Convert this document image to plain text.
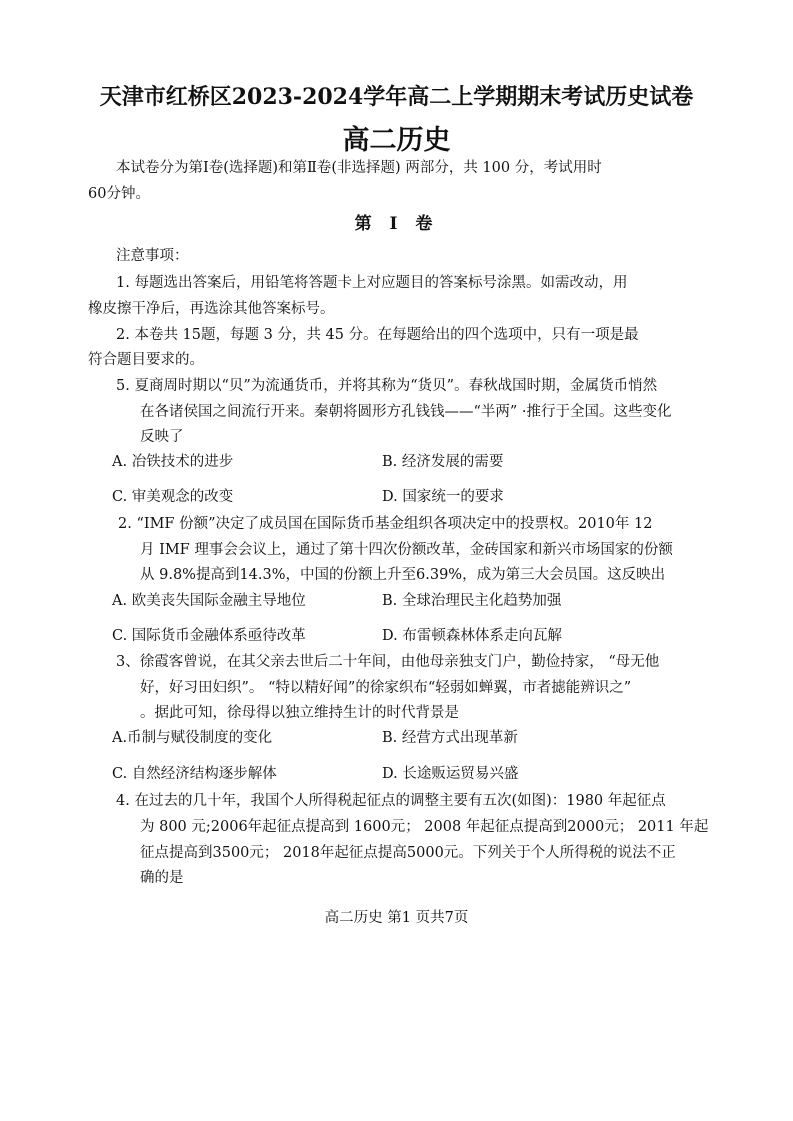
天津市红桥区2023-2024学年高二上学期期末考试历史试卷
高二历史
本试卷分为第Ⅰ卷(选择题)和第Ⅱ卷(非选择题) 两部分，共 100 分，考试用时
60分钟。
第 Ⅰ 卷
注意事项：
1. 每题选出答案后，用铅笔将答题卡上对应题目的答案标号涂黑。如需改动，用
橡皮擦干净后，再选涂其他答案标号。
2. 本卷共 15题，每题 3 分，共 45 分。在每题给出的四个选项中，只有一项是最
符合题目要求的。
5. 夏商周时期以“贝”为流通货币，并将其称为“货贝”。春秋战国时期，金属货币悄然
在各诸侯国之间流行开来。秦朝将圆形方孔钱钱——“半两” ·推行于全国。这些变化
反映了
A. 冶铁技术的进步	B. 经济发展的需要
C. 审美观念的改变	D. 国家统一的要求
2. “IMF 份额”决定了成员国在国际货币基金组织各项决定中的投票权。2010年 12
月 IMF 理事会会议上，通过了第十四次份额改革，金砖国家和新兴市场国家的份额
从 9.8%提高到14.3%，中国的份额上升至6.39%，成为第三大会员国。这反映出
A. 欧美丧失国际金融主导地位	B. 全球治理民主化趋势加强
C. 国际货币金融体系亟待改革	D. 布雷顿森林体系走向瓦解
3、徐霞客曾说，在其父亲去世后二十年间，由他母亲独支门户，勤俭持家， “母无他
好，好习田妇织”。 “特以精好闻”的徐家织布“轻弱如蝉翼，市者摅能辨识之”
。据此可知，徐母得以独立维持生计的时代背景是
A.币制与赋役制度的变化	B. 经营方式出现革新
C. 自然经济结构逐步解体	D. 长途贩运贸易兴盛
4. 在过去的几十年，我国个人所得税起征点的调整主要有五次(如图)：1980 年起征点
为 800 元;2006年起征点提高到 1600元； 2008 年起征点提高到2000元； 2011 年起
征点提高到3500元； 2018年起征点提高5000元。下列关于个人所得税的说法不正
确的是
高二历史 第1 页共7页
